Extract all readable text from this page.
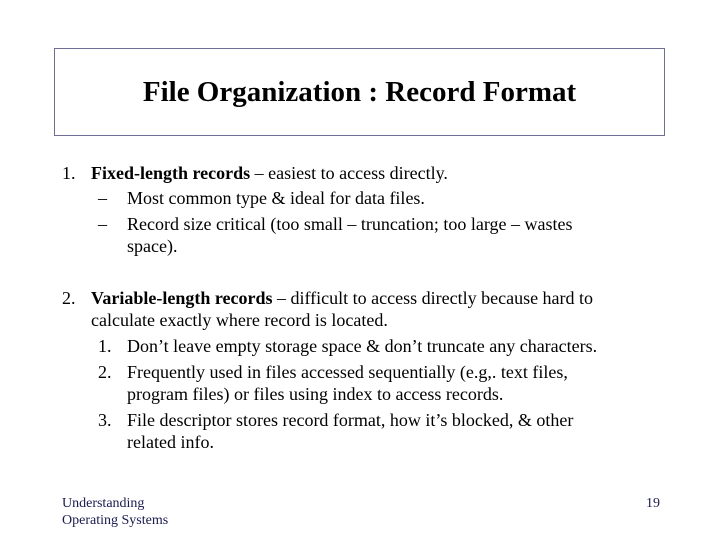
File Organization : Record Format
1. Fixed-length records – easiest to access directly.
– Most common type & ideal for data files.
– Record size critical (too small – truncation; too large – wastes
space).
2. Variable-length records – difficult to access directly because hard to
calculate exactly where record is located.
1. Don’t leave empty storage space & don’t truncate any characters.
2. Frequently used in files accessed sequentially (e.g,. text files,
program files) or files using index to access records.
3. File descriptor stores record format, how it’s blocked, & other
related info.
Understanding
Operating Systems
19
